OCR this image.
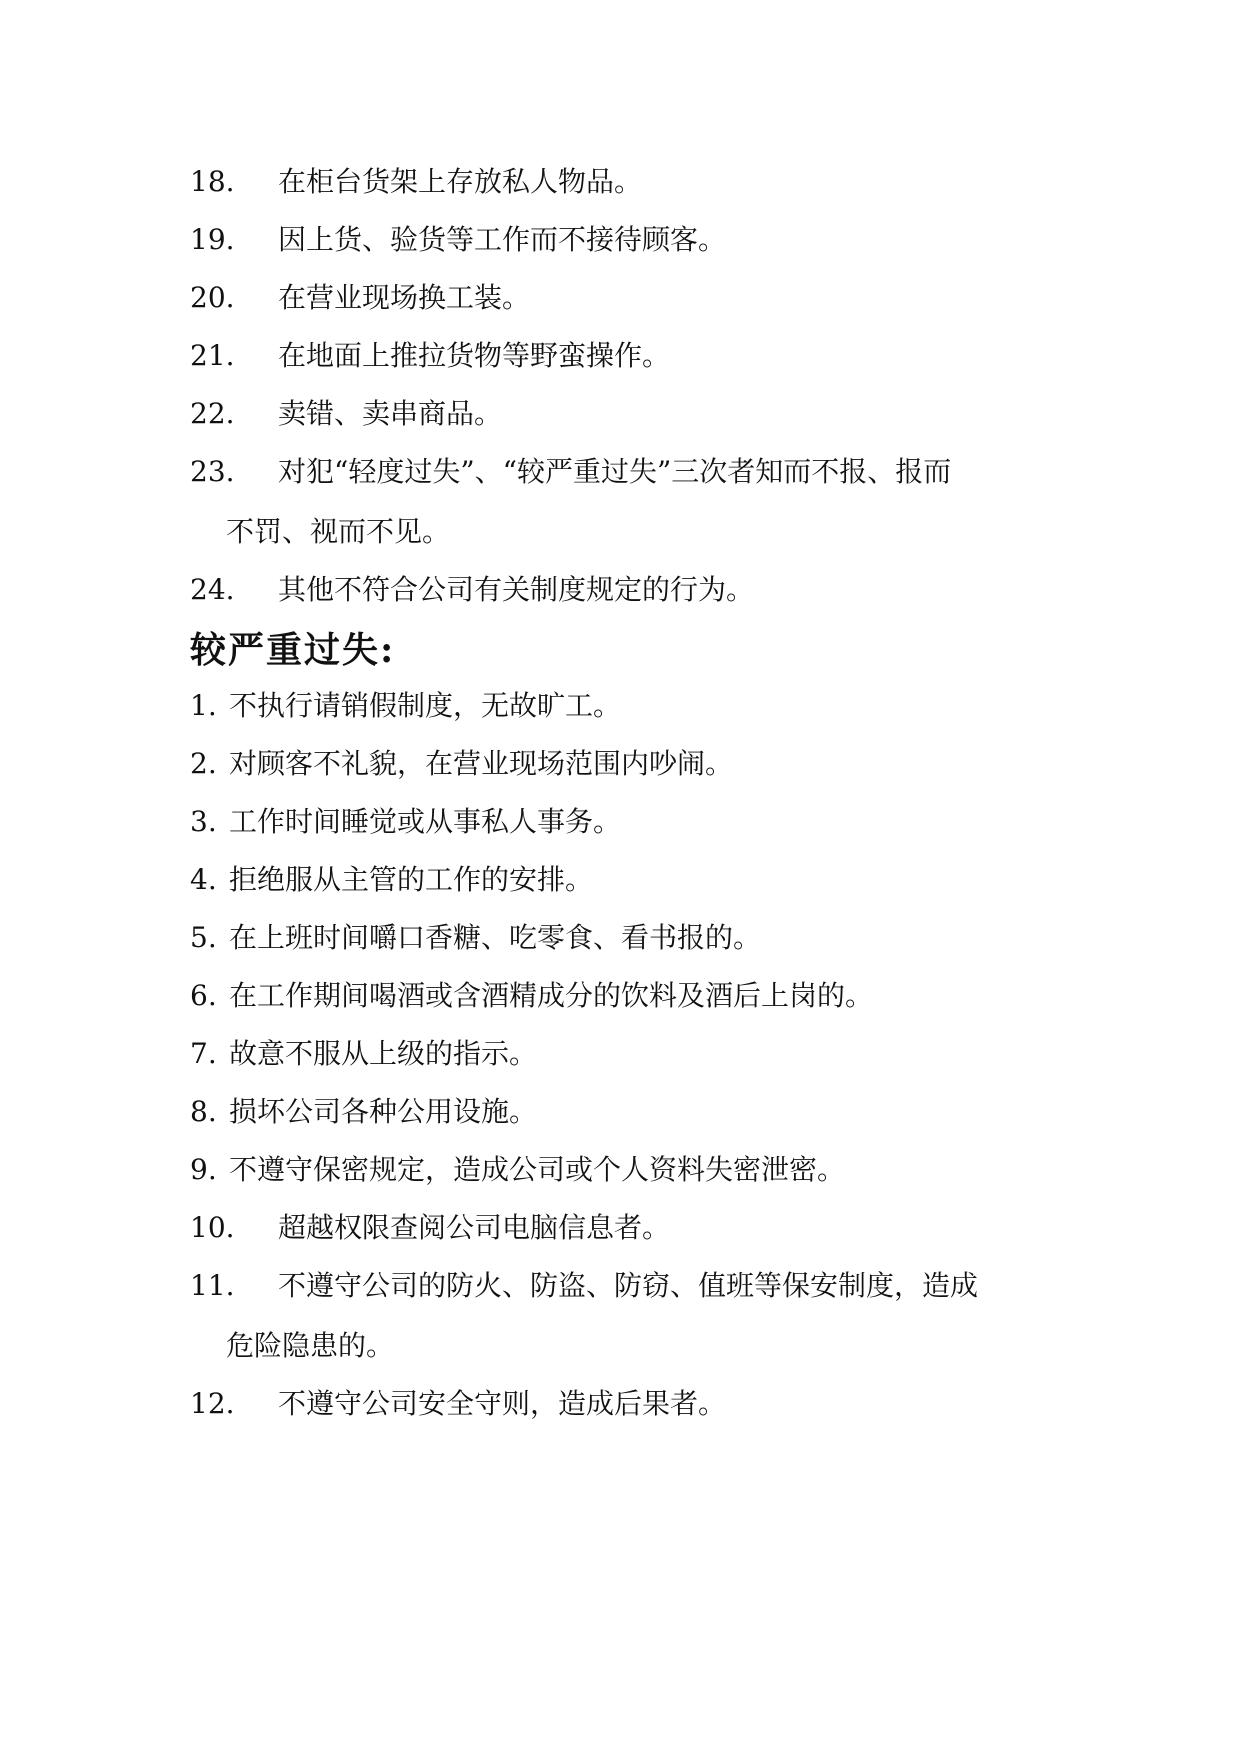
18. 在柜台货架上存放私人物品。
19. 因上货、验货等工作而不接待顾客。
20. 在营业现场换工装。
21. 在地面上推拉货物等野蛮操作。
22. 卖错、卖串商品。
23. 对犯“轻度过失”、“较严重过失”三次者知而不报、报而
不罚、视而不见。
24. 其他不符合公司有关制度规定的行为。
较严重过失:
1. 不执行请销假制度，无故旷工。
2. 对顾客不礼貌，在营业现场范围内吵闹。
3. 工作时间睡觉或从事私人事务。
4. 拒绝服从主管的工作的安排。
5. 在上班时间嚼口香糖、吃零食、看书报的。
6. 在工作期间喝酒或含酒精成分的饮料及酒后上岗的。
7. 故意不服从上级的指示。
8. 损坏公司各种公用设施。
9. 不遵守保密规定，造成公司或个人资料失密泄密。
10. 超越权限查阅公司电脑信息者。
11. 不遵守公司的防火、防盗、防窃、值班等保安制度，造成
危险隐患的。
12. 不遵守公司安全守则，造成后果者。
